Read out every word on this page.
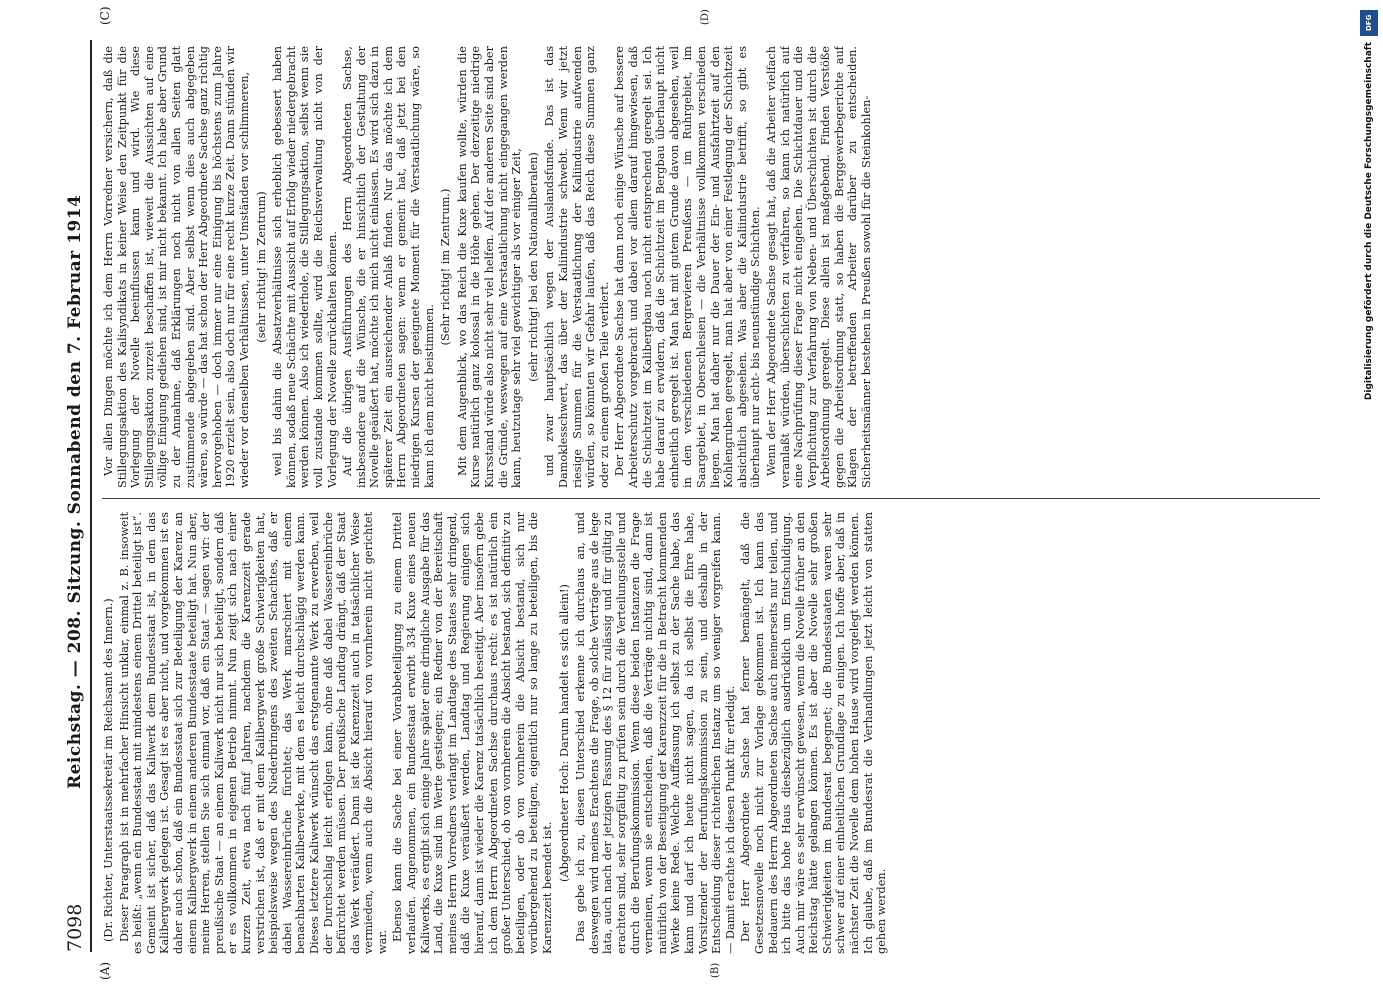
7098
Reichstag. — 208. Sitzung. Sonnabend den 7. Februar 1914
(A)	(B)
(C)	(D)

(Dr. Richter, Unterstaatssekretär im Reichsamt des Innern.) Dieser Paragraph ist in mehrfacher Hinsicht unklar, einmal z. B. insoweit es heißt: „wenn ein Bundesstaat mit mindestens einem Drittel beteiligt ist“. Gemeint ist sicher, daß das Kaliwerk dem Bundesstaat ist, in dem das Kalibergwerk gelegen ist. Gesagt ist es aber nicht, und vorgekommen ist es daher auch schon, daß ein Bundesstaat sich zur Beteiligung der Karenz an einem Kalibergwerk in einem anderen Bundesstaate beteiligt hat. Nun aber, meine Herren, stellen Sie sich einmal vor, daß ein Staat — sagen wir: der preußische Staat — an einem Kaliwerk nicht nur sich beteiligt, sondern daß er es vollkommen in eigenen Betrieb nimmt. Nun zeigt sich nach einer kurzen Zeit, etwa nach fünf Jahren, nachdem die Karenzzeit gerade verstrichen ist, daß er mit dem Kalibergwerk große Schwierigkeiten hat, beispielsweise wegen des Niederbringens des zweiten Schachtes, daß er dabei Wassereinbrüche fürchtet; das Werk marschiert mit einem benachbarten Kaliberwerke, mit dem es leicht durchschlägig werden kann. Dieses letztere Kaliwerk wünscht das erstgenannte Werk zu erwerben, weil der Durchschlag leicht erfolgen kann, ohne daß dabei Wassereinbrüche befürchtet werden müssen. Der preußische Landtag drängt, daß der Staat das Werk veräußert. Dann ist die Karenzzeit auch in tatsächlicher Weise vermieden, wenn auch die Absicht hierauf von vornherein nicht gerichtet war. Ebenso kann die Sache bei einer Vorabbeteiligung zu einem Drittel verlaufen. Angenommen, ein Bundesstaat erwirbt 334 Kuxe eines neuen Kaliwerks, es ergibt sich einige Jahre später eine dringliche Ausgabe für das Land, die Kuxe sind im Werte gestiegen; ein Redner von der Bereitschaft meines Herrn Vorredners verlangt im Landtage des Staates sehr dringend, daß die Kuxe veräußert werden, Landtag und Regierung einigen sich hierauf, dann ist wieder die Karenz tatsächlich beseitigt. Aber insofern gebe ich dem Herrn Abgeordneten Sachse durchaus recht: es ist natürlich ein großer Unterschied, ob von vornherein die Absicht bestand, sich definitiv zu beteiligen, oder ob von vornherein die Absicht bestand, sich nur vorübergehend zu beteiligen, eigentlich nur so lange zu beteiligen, bis die Karenzzeit beendet ist.

(Abgeordneter Hoch: Darum handelt es sich allein!) Das gebe ich zu, diesen Unterschied erkenne ich durchaus an, und deswegen wird meines Erachtens die Frage, ob solche Verträge aus de lege lata, auch nach der jetzigen Fassung des § 12 für zulässig und für gültig zu erachten sind, sehr sorgfältig zu prüfen sein durch die Verteilungsstelle und durch die Berufungskommission. Wenn diese beiden Instanzen die Frage verneinen, wenn sie entscheiden, daß die Verträge nichtig sind, dann ist natürlich von der Beseitigung der Karenzzeit für die in Betracht kommenden Werke keine Rede. Welche Auffassung ich selbst zu der Sache habe, das kann und darf ich heute nicht sagen, da ich selbst die Ehre habe, Vorsitzender der Berufungskommission zu sein, und deshalb in der Entscheidung dieser richterlichen Instanz um so weniger vorgreifen kann. — Damit erachte ich diesen Punkt für erledigt. Der Herr Abgeordnete Sachse hat ferner bemängelt, daß die Gesetzesnovelle noch nicht zur Vorlage gekommen ist. Ich kann das Bedauern des Herrn Abgeordneten Sachse auch meinerseits nur teilen, und ich bitte das hohe Haus diesbezüglich ausdrücklich um Entschuldigung. Auch mir wäre es sehr erwünscht gewesen, wenn die Novelle früher an den Reichstag hätte gelangen können. Es ist aber die Novelle sehr großen Schwierigkeiten im Bundesrat begegnet; die Bundesstaaten waren sehr schwer auf einer einheitlichen Grundlage zu einigen. Ich hoffe aber, daß in nächster Zeit die Novelle dem hohen Hause wird vorgelegt werden können. Ich glaube, daß im Bundesrat die Verhandlungen jetzt leicht von statten gehen werden.

Vor allen Dingen möchte ich dem Herrn Vorredner versichern, daß die Stillegungsaktion des Kalisyndikats in keiner Weise den Zeitpunkt für die Vorlegung der Novelle beeinflussen kann und wird. Wie diese Stillegungsaktion zurzeit beschaffen ist, wieweit die Aussichten auf eine völlige Einigung gediehen sind, ist mir nicht bekannt. Ich habe aber Grund zu der Annahme, daß Erklärungen noch nicht von allen Seiten glatt zustimmende abgegeben sind. Aber selbst wenn dies auch abgegeben wären, so würde — das hat schon der Herr Abgeordnete Sachse ganz richtig hervorgehoben — doch immer nur eine Einigung bis höchstens zum Jahre 1920 erzielt sein, also doch nur für eine recht kurze Zeit. Dann stünden wir wieder vor denselben Verhältnissen, unter Umständen vor schlimmeren, (sehr richtig! im Zentrum) weil bis dahin die Absatzverhältnisse sich erheblich gebessert haben können, sodaß neue Schächte mit Aussicht auf Erfolg wieder niedergebracht werden können. Also ich wiederhole, die Stillegungsaktion, selbst wenn sie voll zustande kommen sollte, wird die Reichsverwaltung nicht von der Vorlegung der Novelle zurückhalten können. Auf die übrigen Ausführungen des Herrn Abgeordneten Sachse, insbesondere auf die Wünsche, die er hinsichtlich der Gestaltung der Novelle geäußert hat, möchte ich mich nicht einlassen. Es wird sich dazu in späterer Zeit ein ausreichender Anlaß finden. Nur das möchte ich dem Herrn Abgeordneten sagen: wenn er gemeint hat, daß jetzt bei den niedrigen Kursen der geeignete Moment für die Verstaatlichung wäre, so kann ich dem nicht beistimmen.

(Sehr richtig! im Zentrum.) Mit dem Augenblick, wo das Reich die Kuxe kaufen wollte, würden die Kurse natürlich ganz kolossal in die Höhe gehen. Der derzeitige niedrige Kursstand würde also nicht sehr viel helfen. Auf der anderen Seite sind aber die Gründe, weswegen auf eine Verstaatlichung nicht eingegangen werden kann, heutzutage sehr viel gewichtiger als vor einiger Zeit, (sehr richtig! bei den Nationalliberalen) und zwar hauptsächlich wegen der Auslandsfunde. Das ist das Damoklesschwert, das über der Kaliindustrie schwebt. Wenn wir jetzt riesige Summen für die Verstaatlichung der Kaliindustrie aufwenden würden, so könnten wir Gefahr laufen, daß das Reich diese Summen ganz oder zu einem großen Teile verliert. Der Herr Abgeordnete Sachse hat dann noch einige Wünsche auf bessere Arbeiterschutz vorgebracht und dabei vor allem darauf hingewiesen, daß die Schichtzeit im Kalibergbau noch nicht entsprechend geregelt sei. Ich habe darauf zu erwidern, daß die Schichtzeit im Bergbau überhaupt nicht einheitlich geregelt ist. Man hat mit gutem Grunde davon abgesehen, weil in den verschiedenen Bergrevieren Preußens — im Ruhrgebiet, im Saargebiet, in Oberschlesien — die Verhältnisse vollkommen verschieden liegen. Man hat daher nur die Dauer der Ein- und Ausfahrtzeit auf den Kohlengruben geregelt, man hat aber von einer Festlegung der Schichtzeit absichtlich abgesehen. Was aber die Kaliindustrie betrifft, so gibt es überhaupt nur acht- bis neunstündige Schichten. Wenn der Herr Abgeordnete Sachse gesagt hat, daß die Arbeiter vielfach veranlaßt würden, überschichten zu verfahren, so kann ich natürlich auf eine Nachprüfung dieser Frage nicht eingehen. Die Schichtdauer und die Verpflichtung zur Verfahrung von Neben- und Überschichten ist durch die Arbeitsordnung geregelt. Diese allein ist maßgebend. Finden Verstöße gegen die Arbeitsordnung statt, so haben die Berggewerbegerichte auf Klagen der betreffenden Arbeiter darüber zu entscheiden. Sicherheitsmänner bestehen in Preußen sowohl für die Steinkohlen-

DFG
Digitalisierung gefördert durch die Deutsche Forschungsgemeinschaft
